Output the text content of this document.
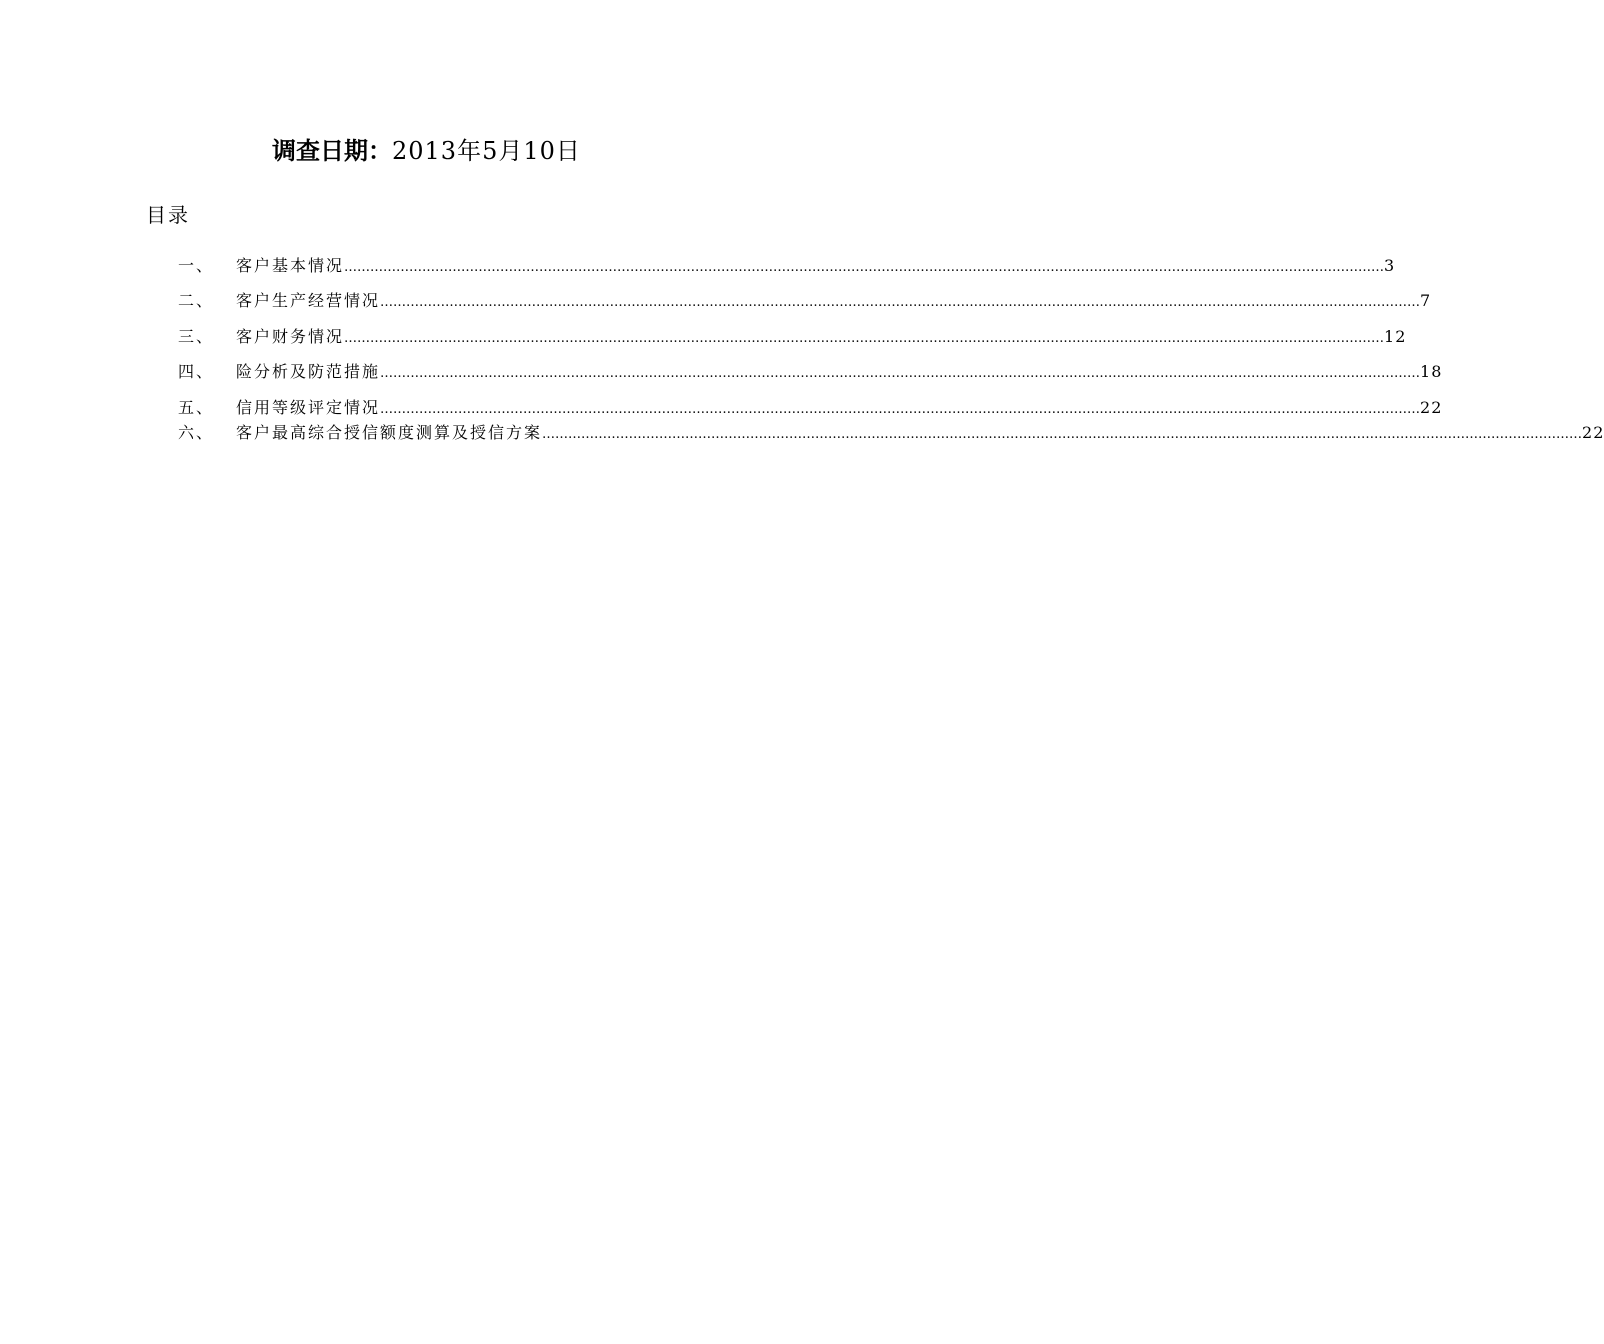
调查日期：2013年5月10日
目录
一、	客户基本情况 …………………………………………………………………………………………………………………………………………………………………………………………………………………… 3
二、	客户生产经营情况 …………………………………………………………………………………………………………………………………………………………………………………………………………………… 7
三、	客户财务情况 …………………………………………………………………………………………………………………………………………………………………………………………………………………… 12
四、	险分析及防范措施 …………………………………………………………………………………………………………………………………………………………………………………………………………………… 18
五、	信用等级评定情况 …………………………………………………………………………………………………………………………………………………………………………………………………………………… 22
六、	客户最高综合授信额度测算及授信方案 …………………………………………………………………………………………………………………………………………………………………………………………………………………… 22
